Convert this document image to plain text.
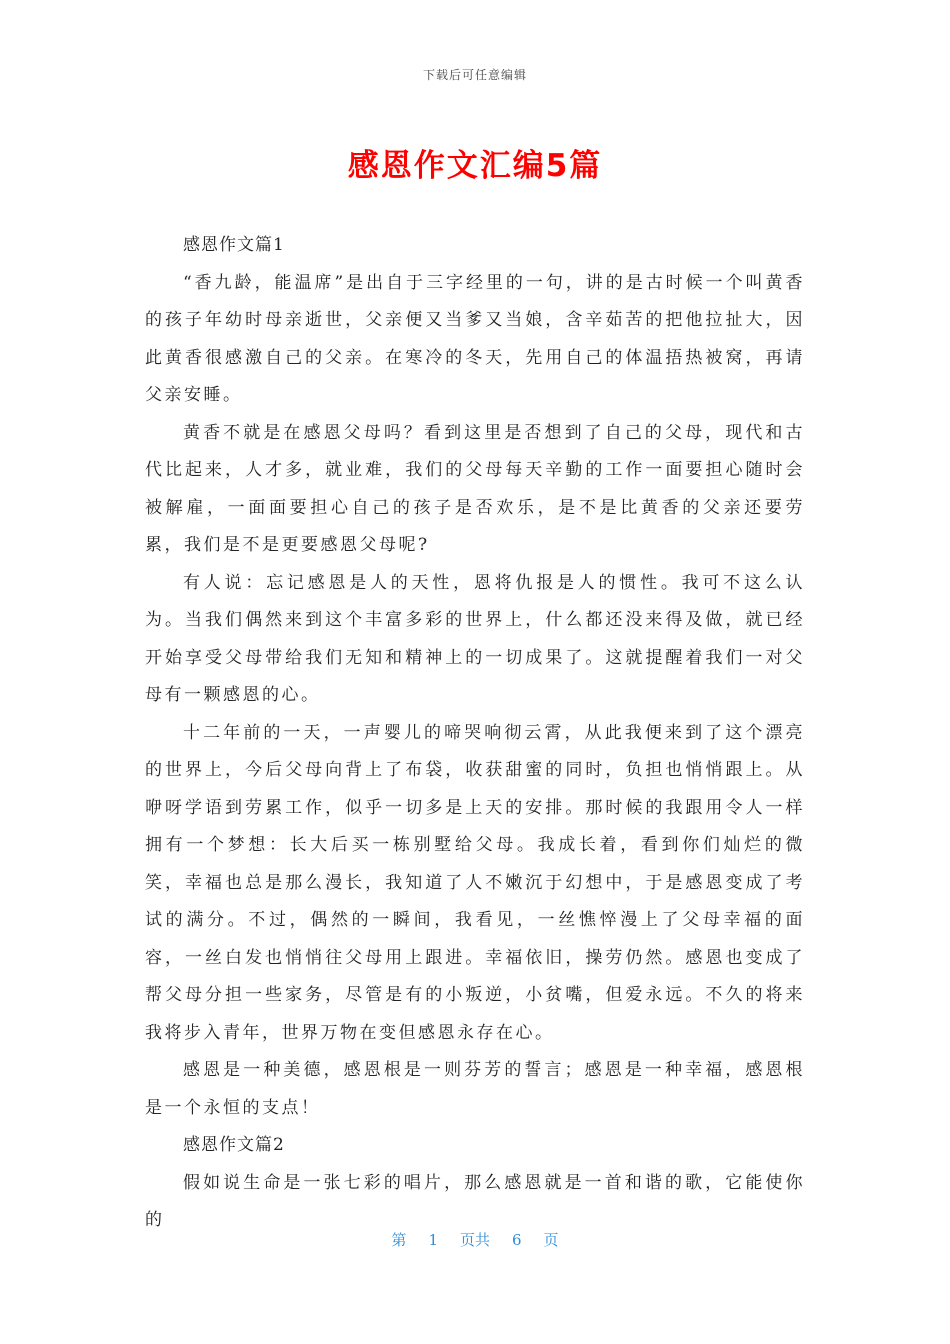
下载后可任意编辑
感恩作文汇编5篇

感恩作文篇1

“香九龄，能温席”是出自于三字经里的一句，讲的是古时候一个叫黄香的孩子年幼时母亲逝世，父亲便又当爹又当娘，含辛茹苦的把他拉扯大，因此黄香很感激自己的父亲。在寒冷的冬天，先用自己的体温捂热被窝，再请父亲安睡。

黄香不就是在感恩父母吗？看到这里是否想到了自己的父母，现代和古代比起来，人才多，就业难，我们的父母每天辛勤的工作一面要担心随时会被解雇，一面面要担心自己的孩子是否欢乐，是不是比黄香的父亲还要劳累，我们是不是更要感恩父母呢?

有人说：忘记感恩是人的天性，恩将仇报是人的惯性。我可不这么认为。当我们偶然来到这个丰富多彩的世界上，什么都还没来得及做，就已经开始享受父母带给我们无知和精神上的一切成果了。这就提醒着我们一对父母有一颗感恩的心。

十二年前的一天，一声婴儿的啼哭响彻云霄，从此我便来到了这个漂亮的世界上，今后父母向背上了布袋，收获甜蜜的同时，负担也悄悄跟上。从咿呀学语到劳累工作，似乎一切多是上天的安排。那时候的我跟用令人一样拥有一个梦想：长大后买一栋别墅给父母。我成长着，看到你们灿烂的微笑，幸福也总是那么漫长，我知道了人不嫩沉于幻想中，于是感恩变成了考试的满分。不过，偶然的一瞬间，我看见，一丝憔悴漫上了父母幸福的面容，一丝白发也悄悄往父母用上跟进。幸福依旧，操劳仍然。感恩也变成了帮父母分担一些家务，尽管是有的小叛逆，小贫嘴，但爱永远。不久的将来我将步入青年，世界万物在变但感恩永存在心。

感恩是一种美德，感恩根是一则芬芳的誓言；感恩是一种幸福，感恩根是一个永恒的支点！

感恩作文篇2

假如说生命是一张七彩的唱片，那么感恩就是一首和谐的歌，它能使你的

第 1 页共 6 页
